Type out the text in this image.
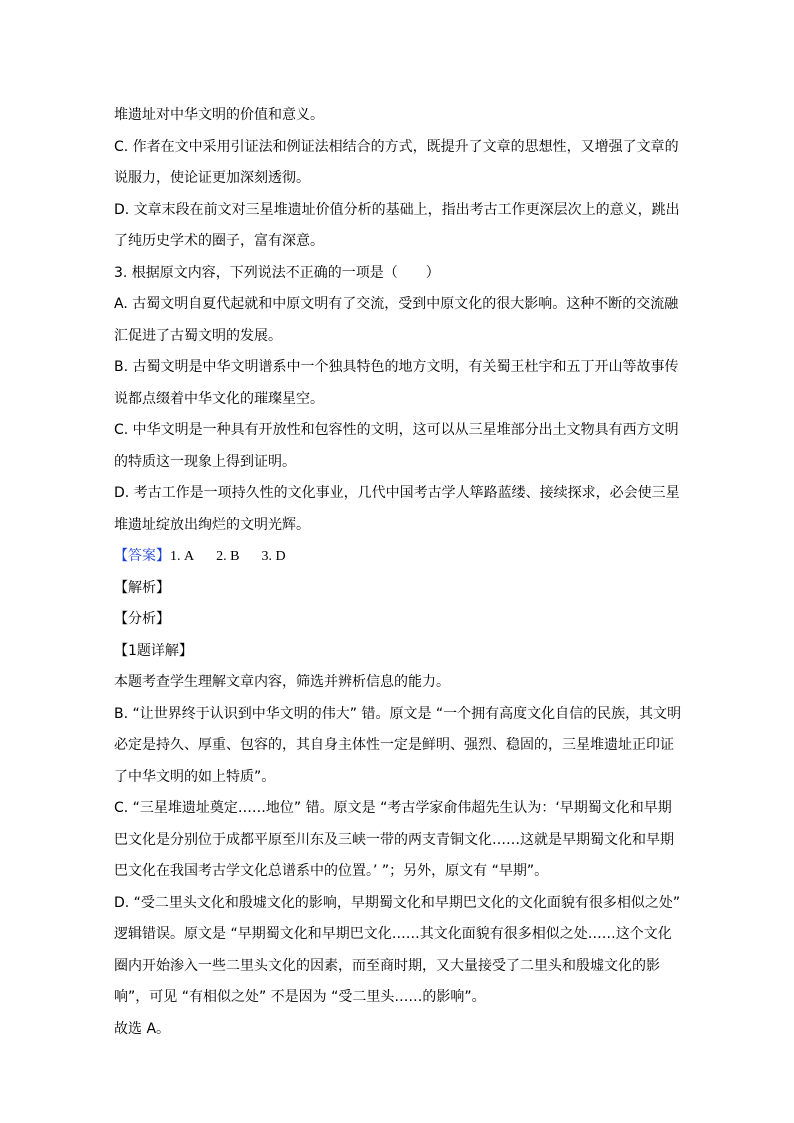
堆遗址对中华文明的价值和意义。
C. 作者在文中采用引证法和例证法相结合的方式，既提升了文章的思想性，又增强了文章的
说服力，使论证更加深刻透彻。
D. 文章末段在前文对三星堆遗址价值分析的基础上，指出考古工作更深层次上的意义，跳出
了纯历史学术的圈子，富有深意。
3. 根据原文内容，下列说法不正确的一项是（　　）
A. 古蜀文明自夏代起就和中原文明有了交流，受到中原文化的很大影响。这种不断的交流融
汇促进了古蜀文明的发展。
B. 古蜀文明是中华文明谱系中一个独具特色的地方文明，有关蜀王杜宇和五丁开山等故事传
说都点缀着中华文化的璀璨星空。
C. 中华文明是一种具有开放性和包容性的文明，这可以从三星堆部分出土文物具有西方文明
的特质这一现象上得到证明。
D. 考古工作是一项持久性的文化事业，几代中国考古学人筚路蓝缕、接续探求，必会使三星
堆遗址绽放出绚烂的文明光辉。
【答案】1. A 2. B 3. D
【解析】
【分析】
【1题详解】
本题考查学生理解文章内容，筛选并辨析信息的能力。
B. “让世界终于认识到中华文明的伟大” 错。原文是 “一个拥有高度文化自信的民族，其文明
必定是持久、厚重、包容的，其自身主体性一定是鲜明、强烈、稳固的，三星堆遗址正印证
了中华文明的如上特质”。
C. “三星堆遗址奠定……地位” 错。原文是 “考古学家俞伟超先生认为：‘早期蜀文化和早期
巴文化是分别位于成都平原至川东及三峡一带的两支青铜文化……这就是早期蜀文化和早期
巴文化在我国考古学文化总谱系中的位置。’ ”；另外，原文有 “早期”。
D. “受二里头文化和殷墟文化的影响，早期蜀文化和早期巴文化的文化面貌有很多相似之处”
逻辑错误。原文是 “早期蜀文化和早期巴文化……其文化面貌有很多相似之处……这个文化
圈内开始渗入一些二里头文化的因素，而至商时期，又大量接受了二里头和殷墟文化的影
响”，可见 “有相似之处” 不是因为 “受二里头……的影响”。
故选 A。
